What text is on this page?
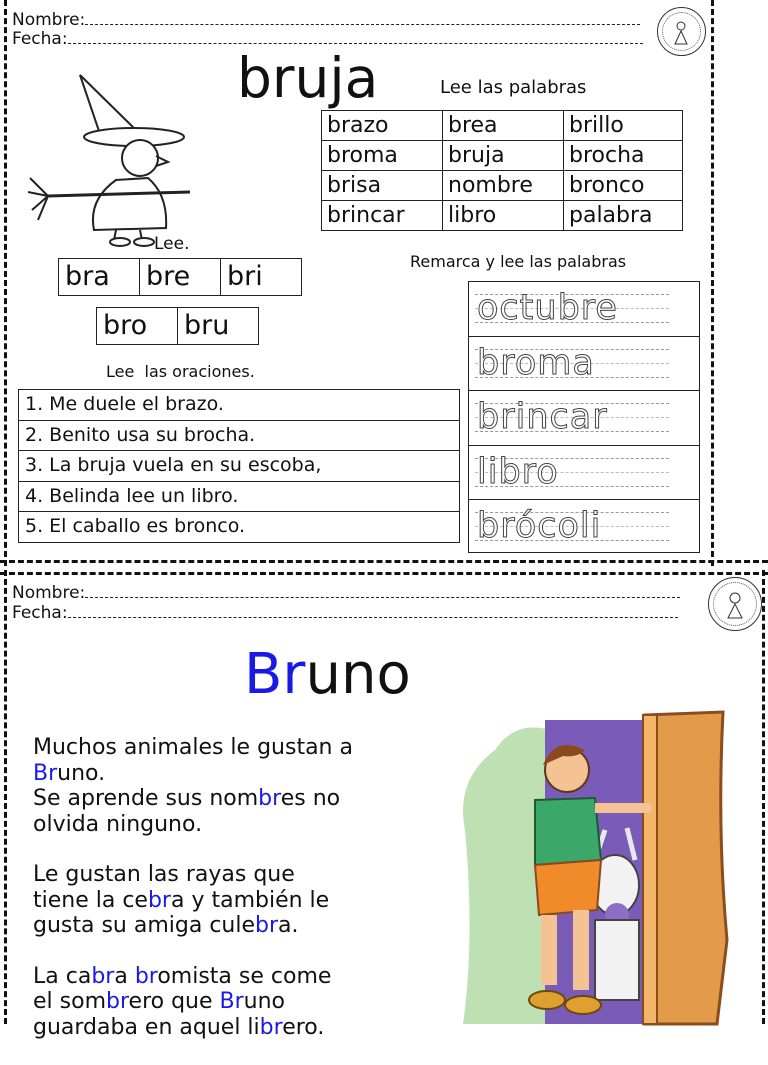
Nombre:
Fecha:
bruja	Lee las palabras
brazo	brea	brillo
broma	bruja	brocha
brisa	nombre	bronco
brincar	libro	palabra
Lee.
bra	bre	bri
bro	bru
Lee  las oraciones.
1. Me duele el brazo.
2. Benito usa su brocha.
3. La bruja vuela en su escoba,
4. Belinda lee un libro.
5. El caballo es bronco.
Remarca y lee las palabras
octubre
broma
brincar
libro
brócoli
Nombre:
Fecha:
Bruno

Muchos animales le gustan a
Bruno.
Se aprende sus nombres no
olvida ninguno.

Le gustan las rayas que
tiene la cebra y también le
gusta su amiga culebra.

La cabra bromista se come
el sombrero que Bruno
guardaba en aquel librero.
